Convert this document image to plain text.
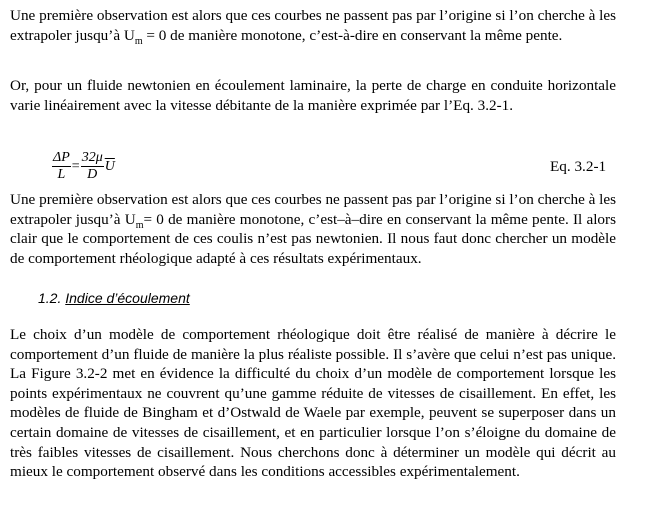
Une première observation est alors que ces courbes ne passent pas par l’origine si l’on cherche à les extrapoler jusqu’à $U_m = 0$ de manière monotone, c’est-à-dire en conservant la même pente.

Or, pour un fluide newtonien en écoulement laminaire, la perte de charge en conduite horizontale varie linéairement avec la vitesse débitante de la manière exprimée par l’Eq. 3.2-1.

$\frac{\Delta P}{L} = \frac{32\mu}{D} \overline{U}$	Eq. 3.2-1

Une première observation est alors que ces courbes ne passent pas par l’origine si l’on cherche à les extrapoler jusqu’à $U_m= 0$ de manière monotone, c’est–à–dire en conservant la même pente. Il alors clair que le comportement de ces coulis n’est pas newtonien. Il nous faut donc chercher un modèle de comportement rhéologique adapté à ces résultats expérimentaux.

1.2. Indice d’écoulement

Le choix d’un modèle de comportement rhéologique doit être réalisé de manière à décrire le comportement d’un fluide de manière la plus réaliste possible. Il s’avère que celui n’est pas unique. La Figure 3.2-2 met en évidence la difficulté du choix d’un modèle de comportement lorsque les points expérimentaux ne couvrent qu’une gamme réduite de vitesses de cisaillement. En effet, les modèles de fluide de Bingham et d’Ostwald de Waele par exemple, peuvent se superposer dans un certain domaine de vitesses de cisaillement, et en particulier lorsque l’on s’éloigne du domaine de très faibles vitesses de cisaillement. Nous cherchons donc à déterminer un modèle qui décrit au mieux le comportement observé dans les conditions accessibles expérimentalement.
